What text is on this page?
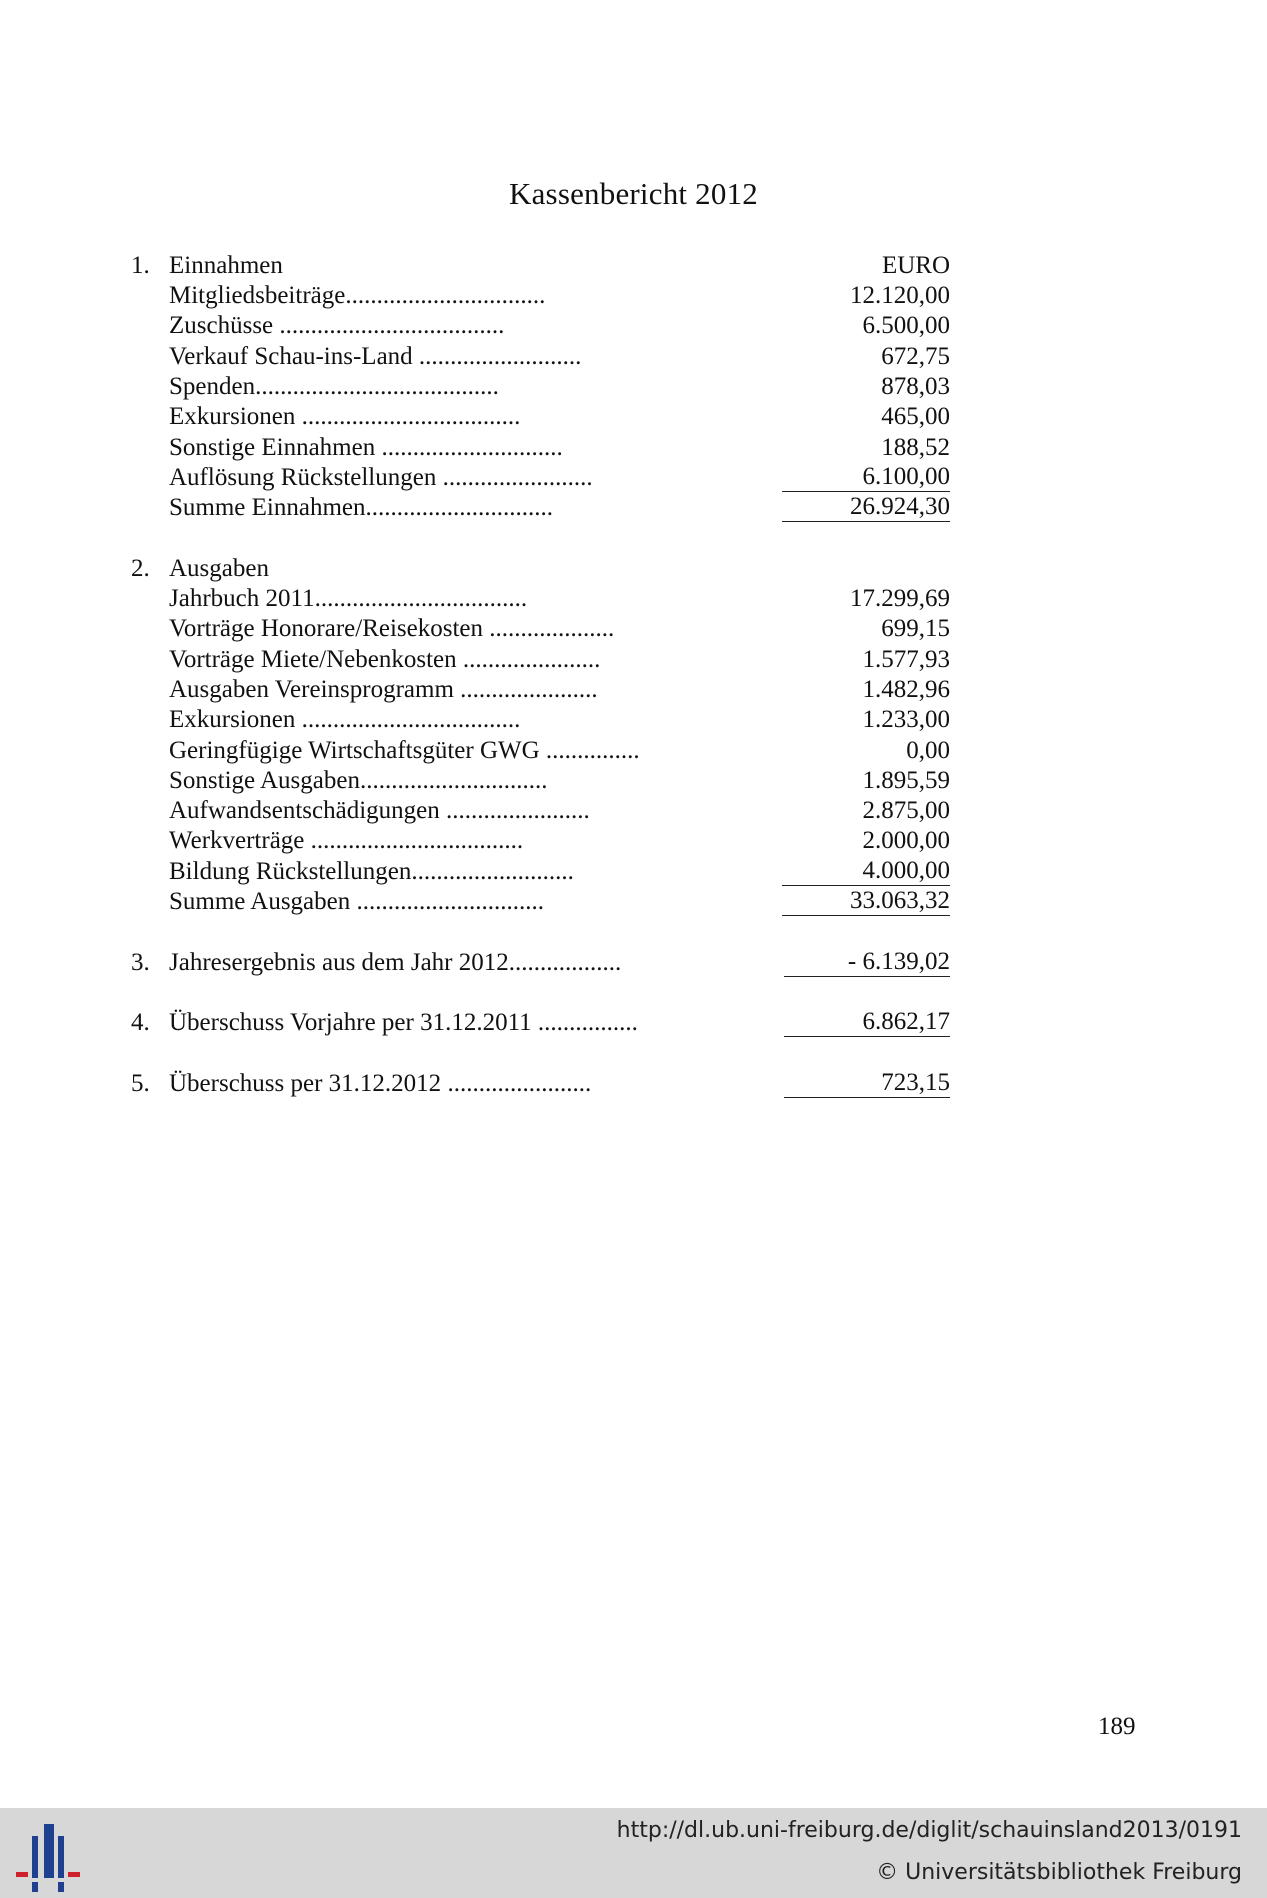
Kassenbericht 2012
1. Einnahmen	EURO
Mitgliedsbeiträge................................	12.120,00
Zuschüsse ....................................	6.500,00
Verkauf Schau-ins-Land ..........................	672,75
Spenden.......................................	878,03
Exkursionen ...................................	465,00
Sonstige Einnahmen .............................	188,52
Auflösung Rückstellungen ........................	6.100,00
Summe Einnahmen..............................	26.924,30
2. Ausgaben
Jahrbuch 2011..................................	17.299,69
Vorträge Honorare/Reisekosten ....................	699,15
Vorträge Miete/Nebenkosten ......................	1.577,93
Ausgaben Vereinsprogramm ......................	1.482,96
Exkursionen ...................................	1.233,00
Geringfügige Wirtschaftsgüter GWG ...............	0,00
Sonstige Ausgaben..............................	1.895,59
Aufwandsentschädigungen .......................	2.875,00
Werkverträge ..................................	2.000,00
Bildung Rückstellungen..........................	4.000,00
Summe Ausgaben ..............................	33.063,32
3. Jahresergebnis aus dem Jahr 2012..................	- 6.139,02
4. Überschuss Vorjahre per 31.12.2011 ................	6.862,17
5. Überschuss per 31.12.2012 .......................	723,15
189
http://dl.ub.uni-freiburg.de/diglit/schauinsland2013/0191
© Universitätsbibliothek Freiburg
